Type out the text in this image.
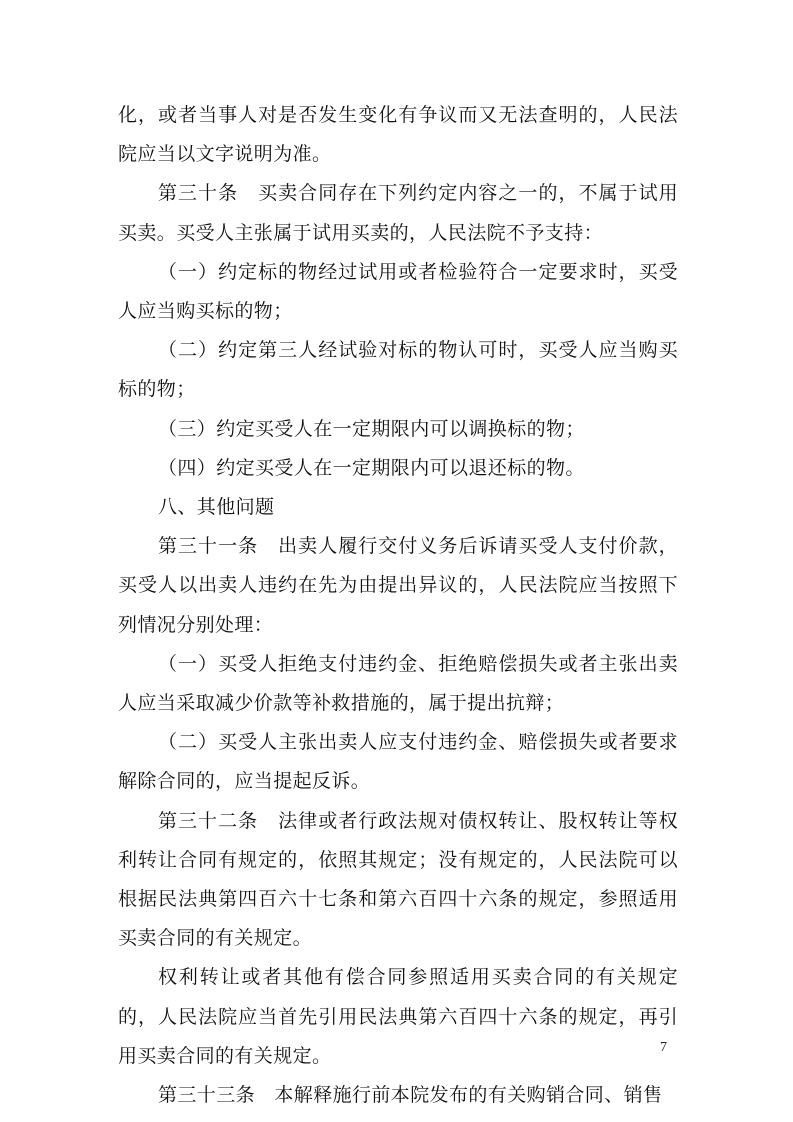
化，或者当事人对是否发生变化有争议而又无法查明的，人民法院应当以文字说明为准。

第三十条　买卖合同存在下列约定内容之一的，不属于试用买卖。买受人主张属于试用买卖的，人民法院不予支持：

（一）约定标的物经过试用或者检验符合一定要求时，买受人应当购买标的物；

（二）约定第三人经试验对标的物认可时，买受人应当购买标的物；

（三）约定买受人在一定期限内可以调换标的物；

（四）约定买受人在一定期限内可以退还标的物。

八、其他问题

第三十一条　出卖人履行交付义务后诉请买受人支付价款，买受人以出卖人违约在先为由提出异议的，人民法院应当按照下列情况分别处理：

（一）买受人拒绝支付违约金、拒绝赔偿损失或者主张出卖人应当采取减少价款等补救措施的，属于提出抗辩；

（二）买受人主张出卖人应支付违约金、赔偿损失或者要求解除合同的，应当提起反诉。

第三十二条　法律或者行政法规对债权转让、股权转让等权利转让合同有规定的，依照其规定；没有规定的，人民法院可以根据民法典第四百六十七条和第六百四十六条的规定，参照适用买卖合同的有关规定。

权利转让或者其他有偿合同参照适用买卖合同的有关规定的，人民法院应当首先引用民法典第六百四十六条的规定，再引用买卖合同的有关规定。

第三十三条　本解释施行前本院发布的有关购销合同、销售

7
